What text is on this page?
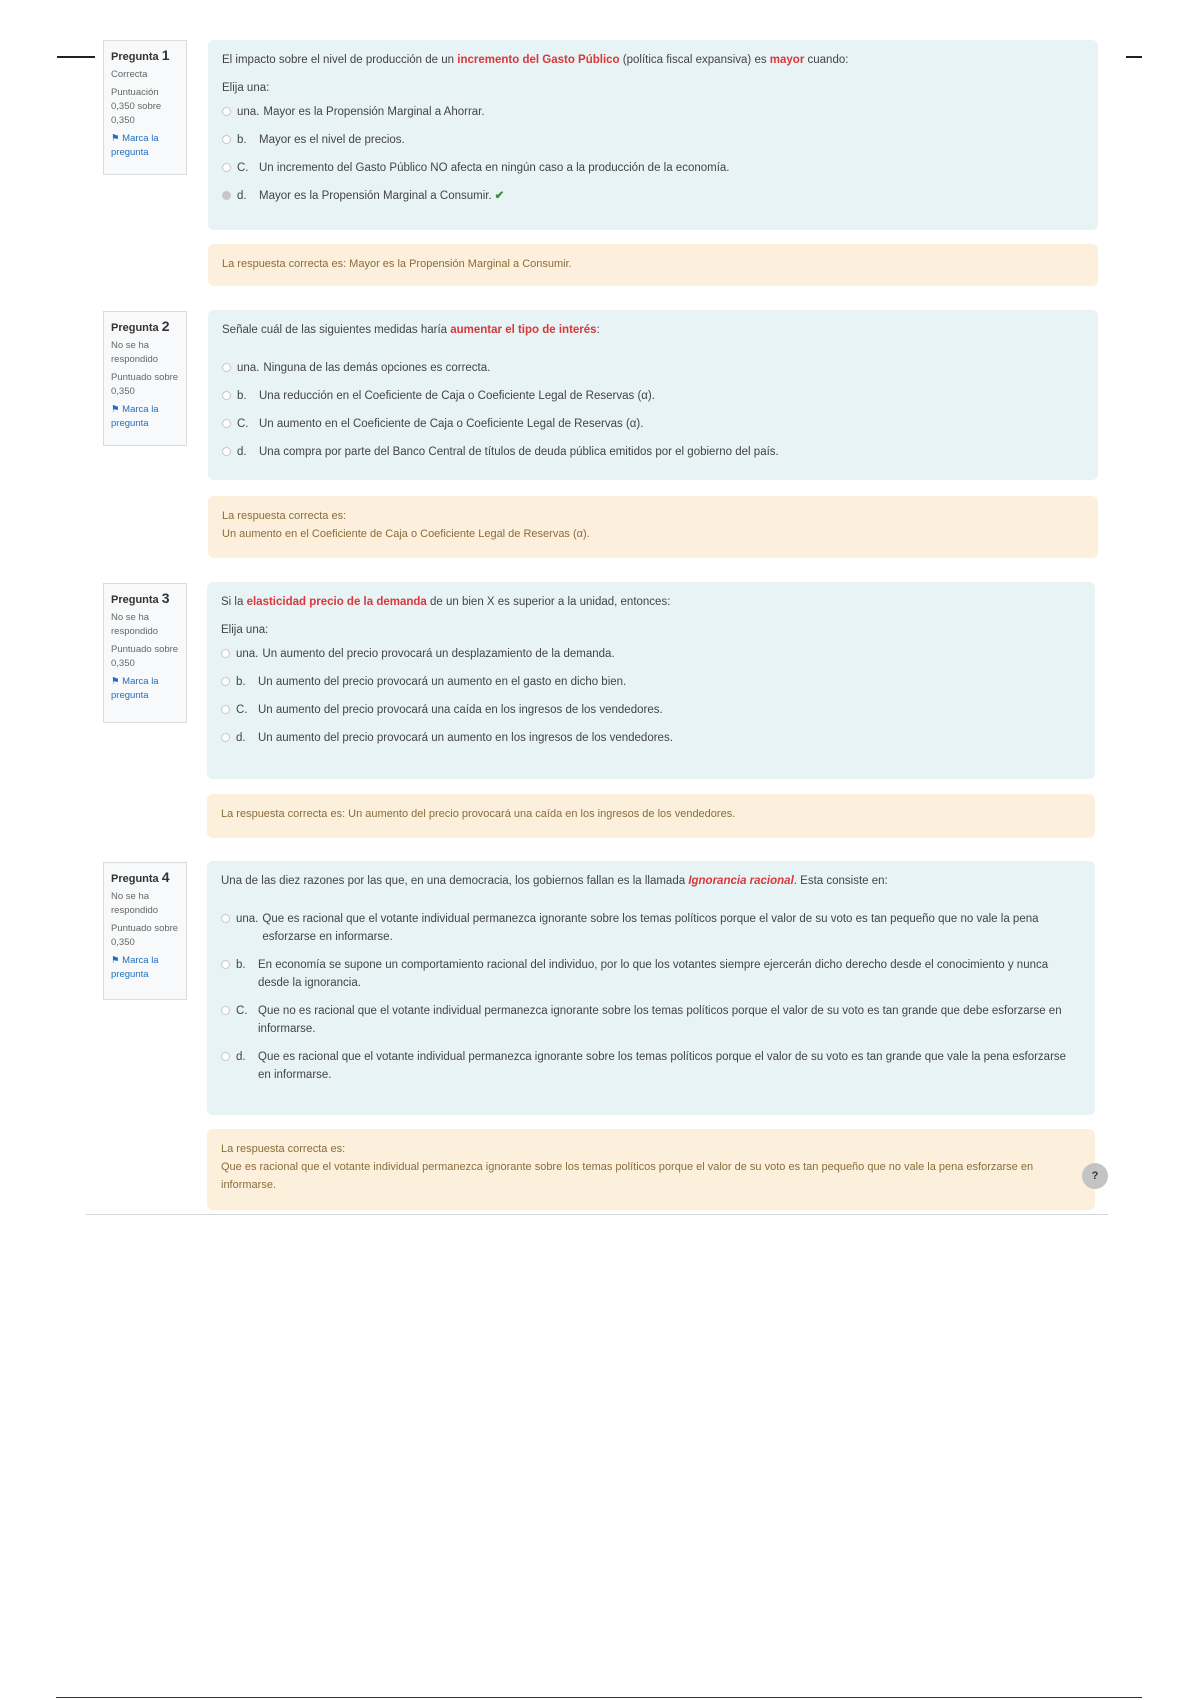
Pregunta 1
Correcta
Puntuación 0,350 sobre 0,350
⚑ Marca la pregunta
El impacto sobre el nivel de producción de un incremento del Gasto Público (política fiscal expansiva) es mayor cuando:
Elija una:
una. Mayor es la Propensión Marginal a Ahorrar.
b.	Mayor es el nivel de precios.
C. Un incremento del Gasto Público NO afecta en ningún caso a la producción de la economía.
d.	Mayor es la Propensión Marginal a Consumir. ✔
La respuesta correcta es: Mayor es la Propensión Marginal a Consumir.
Pregunta 2
No se ha respondido
Puntuado sobre 0,350
⚑ Marca la pregunta
Señale cuál de las siguientes medidas haría aumentar el tipo de interés:
una. Ninguna de las demás opciones es correcta.
b.	Una reducción en el Coeficiente de Caja o Coeficiente Legal de Reservas (α).
C. Un aumento en el Coeficiente de Caja o Coeficiente Legal de Reservas (α).
d.	Una compra por parte del Banco Central de títulos de deuda pública emitidos por el gobierno del país.
La respuesta correcta es:
Un aumento en el Coeficiente de Caja o Coeficiente Legal de Reservas (α).
Pregunta 3
No se ha respondido
Puntuado sobre 0,350
⚑ Marca la pregunta
Si la elasticidad precio de la demanda de un bien X es superior a la unidad, entonces:
Elija una:
una. Un aumento del precio provocará un desplazamiento de la demanda.
b.	Un aumento del precio provocará un aumento en el gasto en dicho bien.
C. Un aumento del precio provocará una caída en los ingresos de los vendedores.
d.	Un aumento del precio provocará un aumento en los ingresos de los vendedores.
La respuesta correcta es: Un aumento del precio provocará una caída en los ingresos de los vendedores.
Pregunta 4
No se ha respondido
Puntuado sobre 0,350
⚑ Marca la pregunta
Una de las diez razones por las que, en una democracia, los gobiernos fallan es la llamada Ignorancia racional. Esta consiste en:
una. Que es racional que el votante individual permanezca ignorante sobre los temas políticos porque el valor de su voto es tan pequeño que no vale la pena esforzarse en informarse.
b.	En economía se supone un comportamiento racional del individuo, por lo que los votantes siempre ejercerán dicho derecho desde el conocimiento y nunca desde la ignorancia.
C. Que no es racional que el votante individual permanezca ignorante sobre los temas políticos porque el valor de su voto es tan grande que debe esforzarse en informarse.
d.	Que es racional que el votante individual permanezca ignorante sobre los temas políticos porque el valor de su voto es tan grande que vale la pena esforzarse en informarse.
La respuesta correcta es:
Que es racional que el votante individual permanezca ignorante sobre los temas políticos porque el valor de su voto es tan pequeño que no vale la pena esforzarse en informarse.
?
